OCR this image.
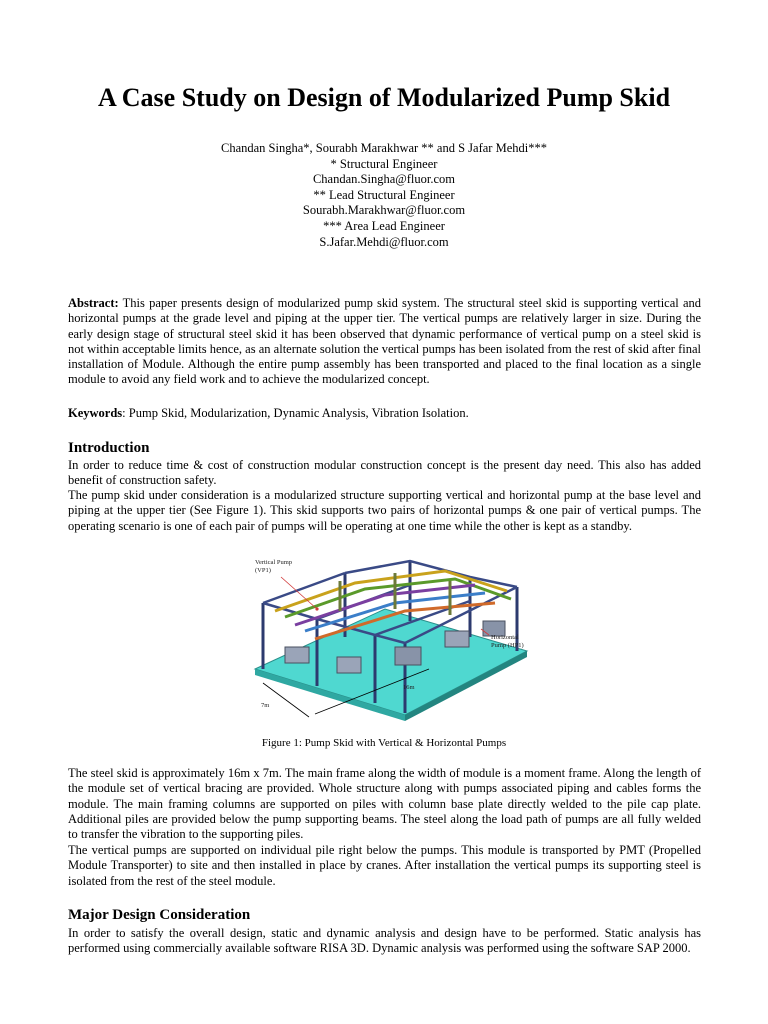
A Case Study on Design of Modularized Pump Skid
Chandan Singha*, Sourabh Marakhwar ** and S Jafar Mehdi***
* Structural Engineer
Chandan.Singha@fluor.com
** Lead Structural Engineer
Sourabh.Marakhwar@fluor.com
*** Area Lead Engineer
S.Jafar.Mehdi@fluor.com

Abstract: This paper presents design of modularized pump skid system. The structural steel skid is supporting vertical and horizontal pumps at the grade level and piping at the upper tier. The vertical pumps are relatively larger in size. During the early design stage of structural steel skid it has been observed that dynamic performance of vertical pump on a steel skid is not within acceptable limits hence, as an alternate solution the vertical pumps has been isolated from the rest of skid after final installation of Module. Although the entire pump assembly has been transported and placed to the final location as a single module to avoid any field work and to achieve the modularized concept.

Keywords: Pump Skid, Modularization, Dynamic Analysis, Vibration Isolation.

Introduction

In order to reduce time & cost of construction modular construction concept is the present day need. This also has added benefit of construction safety.

The pump skid under consideration is a modularized structure supporting vertical and horizontal pump at the base level and piping at the upper tier (See Figure 1). This skid supports two pairs of horizontal pumps & one pair of vertical pumps. The operating scenario is one of each pair of pumps will be operating at one time while the other is kept as a standby.

Vertical Pump
(VP1)
Horizontal
Pump (HP1)
16m
7m
Figure 1: Pump Skid with Vertical & Horizontal Pumps

The steel skid is approximately 16m x 7m. The main frame along the width of module is a moment frame. Along the length of the module set of vertical bracing are provided. Whole structure along with pumps associated piping and cables forms the module. The main framing columns are supported on piles with column base plate directly welded to the pile cap plate. Additional piles are provided below the pump supporting beams. The steel along the load path of pumps are all fully welded to transfer the vibration to the supporting piles.

The vertical pumps are supported on individual pile right below the pumps. This module is transported by PMT (Propelled Module Transporter) to site and then installed in place by cranes. After installation the vertical pumps its supporting steel is isolated from the rest of the steel module.

Major Design Consideration

In order to satisfy the overall design, static and dynamic analysis and design have to be performed. Static analysis has performed using commercially available software RISA 3D. Dynamic analysis was performed using the software SAP 2000.
